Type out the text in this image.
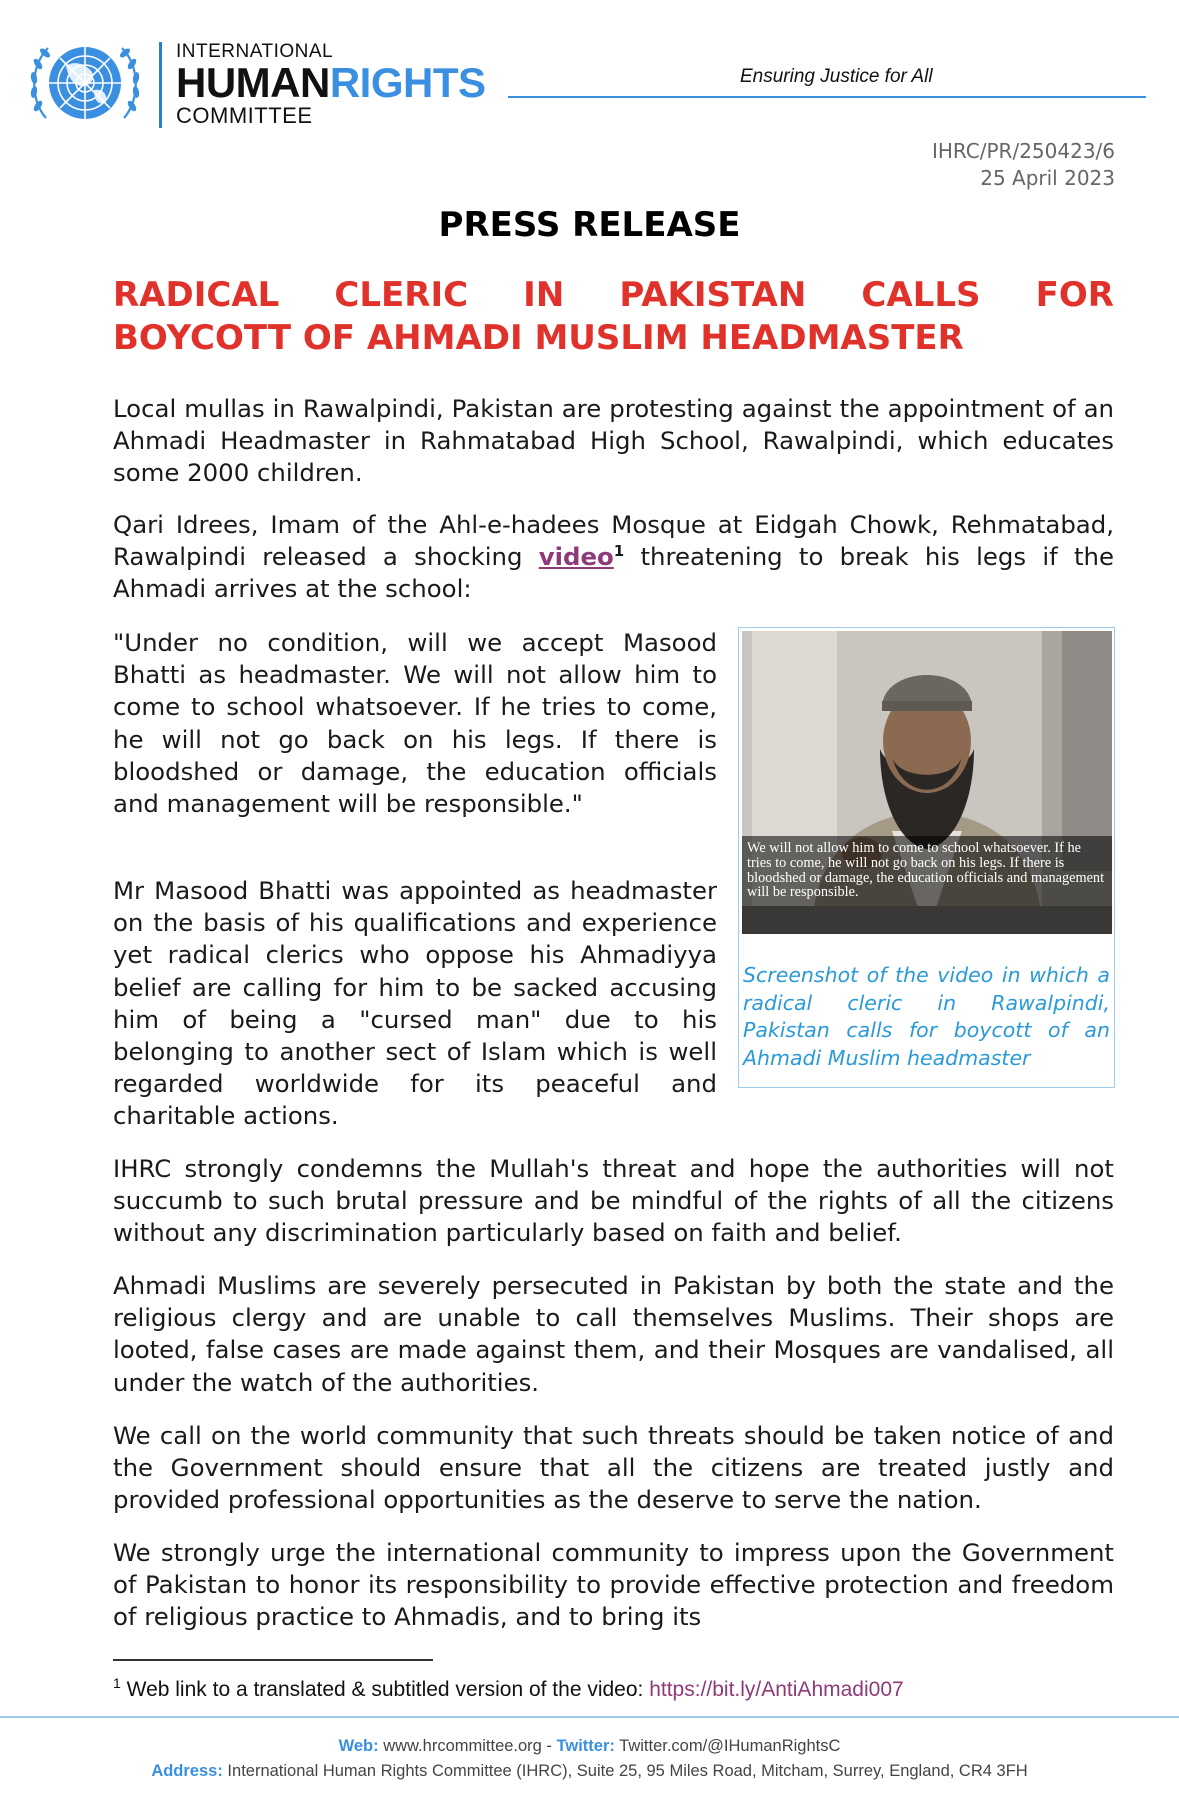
INTERNATIONAL
HUMANRIGHTS
COMMITTEE
Ensuring Justice for All
IHRC/PR/250423/6
25 April 2023
PRESS RELEASE
RADICAL CLERIC IN PAKISTAN CALLS FOR
BOYCOTT OF AHMADI MUSLIM HEADMASTER

Local mullas in Rawalpindi, Pakistan are protesting against the appointment of an Ahmadi Headmaster in Rahmatabad High School, Rawalpindi, which educates some 2000 children.

Qari Idrees, Imam of the Ahl-e-hadees Mosque at Eidgah Chowk, Rehmatabad, Rawalpindi released a shocking video$^1$ threatening to break his legs if the Ahmadi arrives at the school:

"Under no condition, will we accept Masood Bhatti as headmaster. We will not allow him to come to school whatsoever. If he tries to come, he will not go back on his legs. If there is bloodshed or damage, the education officials and management will be responsible."

Mr Masood Bhatti was appointed as headmaster on the basis of his qualifications and experience yet radical clerics who oppose his Ahmadiyya belief are calling for him to be sacked accusing him of being a "cursed man" due to his belonging to another sect of Islam which is well regarded worldwide for its peaceful and charitable actions.

IHRC strongly condemns the Mullah's threat and hope the authorities will not succumb to such brutal pressure and be mindful of the rights of all the citizens without any discrimination particularly based on faith and belief.

Ahmadi Muslims are severely persecuted in Pakistan by both the state and the religious clergy and are unable to call themselves Muslims. Their shops are looted, false cases are made against them, and their Mosques are vandalised, all under the watch of the authorities.

We call on the world community that such threats should be taken notice of and the Government should ensure that all the citizens are treated justly and provided professional opportunities as the deserve to serve the nation.

We strongly urge the international community to impress upon the Government of Pakistan to honor its responsibility to provide effective protection and freedom of religious practice to Ahmadis, and to bring its

We will not allow him to come to school whatsoever. If he tries to come, he will not go back on his legs. If there is bloodshed or damage, the education officials and management will be responsible.
Screenshot of the video in which a radical cleric in Rawalpindi, Pakistan calls for boycott of an Ahmadi Muslim headmaster
$^1$ Web link to a translated & subtitled version of the video: https://bit.ly/AntiAhmadi007
Web: www.hrcommittee.org - Twitter: Twitter.com/@IHumanRightsC
Address: International Human Rights Committee (IHRC), Suite 25, 95 Miles Road, Mitcham, Surrey, England, CR4 3FH
